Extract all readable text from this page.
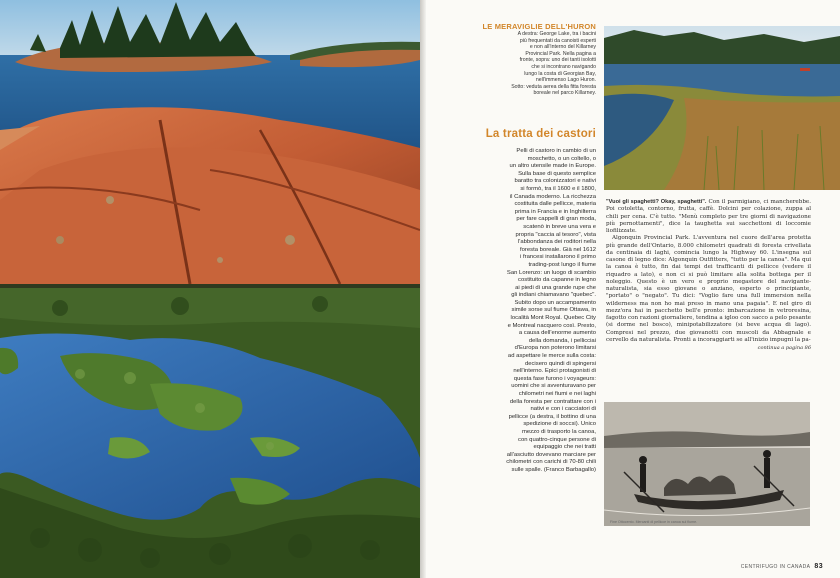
Fine Ottocento. Mercanti di pellicce in canoa sul fiume.
LE MERAVIGLIE DELL'HURON

A destra: George Lake, tra i bacini

più frequentati da canoisti esperti

e non all'interno del Killarney

Provincial Park. Nella pagina a

fronte, sopra: uno dei tanti isolotti

che si incontrano navigando

lungo la costa di Georgian Bay,

nell'immenso Lago Huron.

Sotto: veduta aerea della fitta foresta

boreale nel parco Killarney.

La tratta dei castori
Pelli di castoro in cambio di un
moschetto, o un coltello, o
un altro utensile made in Europe.
Sulla base di questo semplice
baratto tra colonizzatori e nativi
si formò, tra il 1600 e il 1800,
il Canada moderno. La ricchezza
costituita dalle pellicce, materia
prima in Francia e in Inghilterra
per fare cappelli di gran moda,
scatenò in breve una vera e
propria "caccia al tesoro", vista
l'abbondanza dei roditori nella
foresta boreale. Già nel 1612
i francesi installarono il primo
trading-post lungo il fiume
San Lorenzo: un luogo di scambio
costituito da capanne in legno
ai piedi di una grande rupe che
gli indiani chiamavano "quebec".
Subito dopo un accampamento
simile sorse sul fiume Ottawa, in
località Mont Royal. Quebec City
e Montreal nacquero così. Presto,
a causa dell'enorme aumento
della domanda, i pellicciai
d'Europa non poterono limitarsi
ad aspettare le merce sulla costa:
decisero quindi di spingersi
nell'interno. Epici protagonisti di
questa fase furono i voyageurs:
uomini che si avventuravano per
chilometri nei fiumi e nei laghi
della foresta per contrattare con i
nativi e con i cacciatori di
pellicce (a destra, il bottino di una
spedizione di soccsi). Unico
mezzo di trasporto la canoa,
con quattro-cinque persone di
equipaggio che nei tratti
all'asciutto dovevano marciare per
chilometri con carichi di 70-80 chili
sulle spalle. (Franco Barbagallo)

"Vuoi gli spaghetti? Okay, spaghetti". Con il parmigiano, ci mancherebbe. Poi cotoletta, contorno, frutta, caffè. Dolcini per colazione, zuppa al chili per cena. C'è tutto. "Menù completo per tre giorni di navigazione più pernottamenti", dice la taughetta sui sacchettoni di loccomie liofilizzate.

Algonquin Provincial Park. L'avventura nel cuore dell'area protetta più grande dell'Ontario, 8.000 chilometri quadrati di foresta crivellata da centinaia di laghi, comincia lungo la Highway 60. L'insegna sul casone di legno dice: Algonquin Outfitters, "tutto per la canoa". Ma qui la canoa è tutto, fin dai tempi dei trafficanti di pellicce (vedere il riquadro a lato), e non ci si può limitare alla solita bottega per il noleggio. Questo è un vero e proprio megastore del navigante-naturalista, sia esso giovane o anziano, esperto o principiante, "portato" o "negato". Tu dici: "Voglio fare una full immersion nella wilderness ma non ho mai preso in mano una pagaia". E nel giro di mezz'ora hai in pacchetto bell'e pronto: imbarcazione in vetroresina, fagotto con razioni giornaliere, tendina a igloo con sacco a pelo pesante (si dorme nel bosco), minipotabilizzatore (si beve acqua di lago). Compresi nel prezzo, due giovanotti con muscoli da Abbagnale e cervello da naturalista. Pronti a incoraggiarti se all'inizio impugni la pa-

continua a pagina 86
CENTRIFUGO IN CANADA 83
